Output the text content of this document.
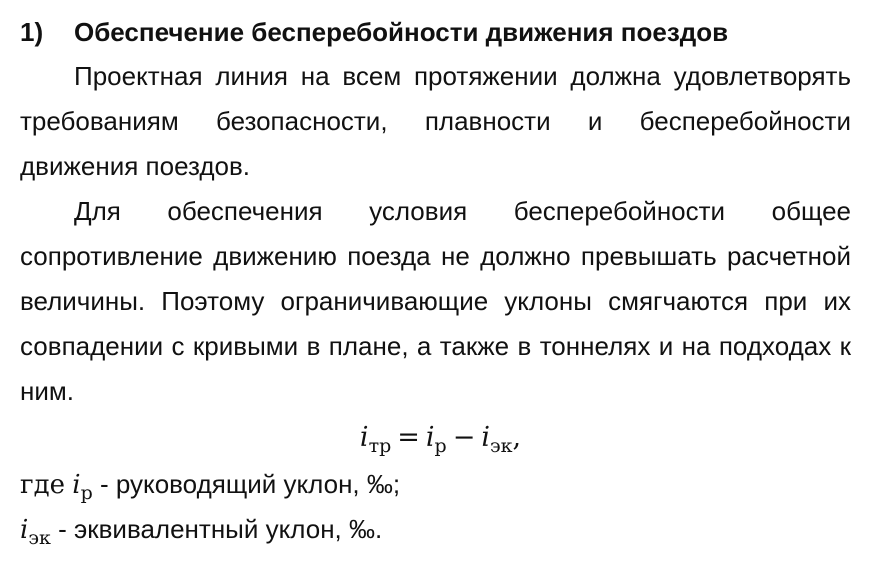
1) Обеспечение бесперебойности движения поездов

Проектная линия на всем протяжении должна удовлетворять требованиям безопасности, плавности и бесперебойности движения поездов.

Для обеспечения условия бесперебойности общее сопротивление движению поезда не должно превышать расчетной величины. Поэтому ограничивающие уклоны смягчаются при их совпадении с кривыми в плане, а также в тоннелях и на подходах к ним.

$i_{тр} = i_р - i_{эк}$,
где $i_р$ - руководящий уклон, ‰;
$i_{эк}$ - эквивалентный уклон, ‰.
